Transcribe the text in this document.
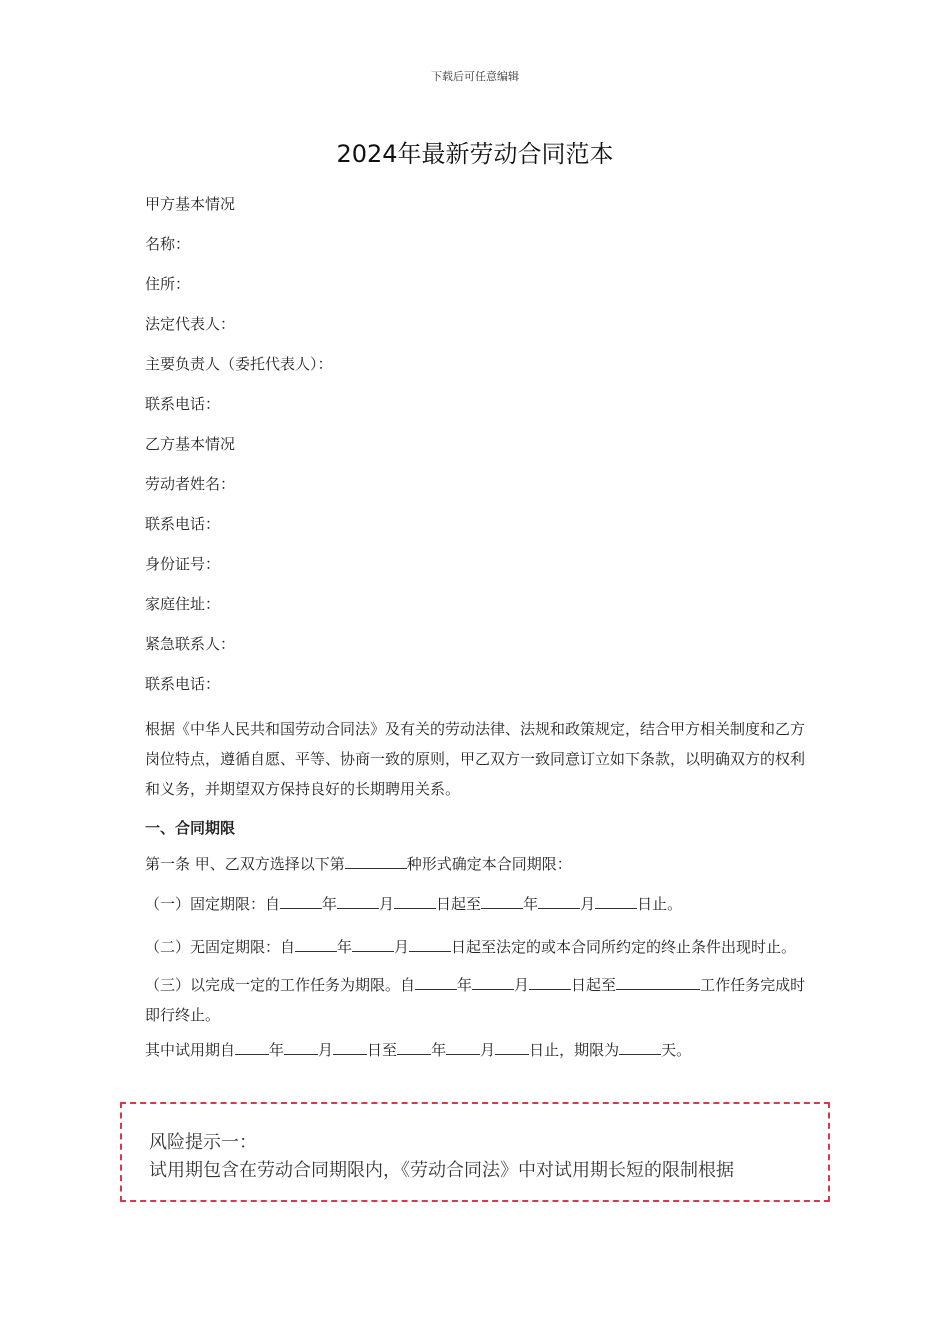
下载后可任意编辑
2024年最新劳动合同范本
甲方基本情况
名称：
住所：
法定代表人：
主要负责人（委托代表人）：
联系电话：
乙方基本情况
劳动者姓名：
联系电话：
身份证号：
家庭住址：
紧急联系人：
联系电话：
根据《中华人民共和国劳动合同法》及有关的劳动法律、法规和政策规定，结合甲方相关制度和乙方岗位特点，遵循自愿、平等、协商一致的原则，甲乙双方一致同意订立如下条款，以明确双方的权利和义务，并期望双方保持良好的长期聘用关系。
一、合同期限
第一条 甲、乙双方选择以下第	种形式确定本合同期限：
（一）固定期限：自	年	月	日起至	年	月	日止。
（二）无固定期限：自	年	月	日起至法定的或本合同所约定的终止条件出现时止。
（三）以完成一定的工作任务为期限。自	年	月	日起至	工作任务完成时即行终止。
其中试用期自 年 月 日至 年 月 日止，期限为	天。
风险提示一：
试用期包含在劳动合同期限内，《劳动合同法》中对试用期长短的限制根据
